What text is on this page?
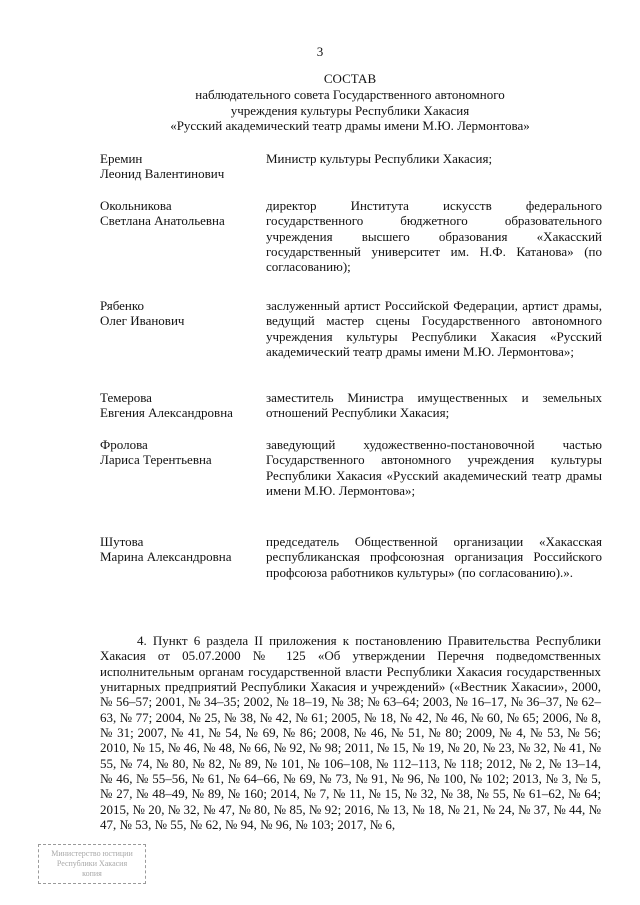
3
СОСТАВ
наблюдательного совета Государственного автономного
учреждения культуры Республики Хакасия
«Русский академический театр драмы имени М.Ю. Лермонтова»
Еремин
Леонид Валентинович
Министр культуры Республики Хакасия;
Окольникова
Светлана Анатольевна
директор Института искусств федерального государственного бюджетного образовательного учреждения высшего образования «Хакасский государственный университет им. Н.Ф. Катанова» (по согласованию);
Рябенко
Олег Иванович
заслуженный артист Российской Федерации, артист драмы, ведущий мастер сцены Государственного автономного учреждения культуры Республики Хакасия «Русский академический театр драмы имени М.Ю. Лермонтова»;
Темерова
Евгения Александровна
заместитель Министра имущественных и земельных отношений Республики Хакасия;
Фролова
Лариса Терентьевна
заведующий художественно-постановочной частью Государственного автономного учреждения культуры Республики Хакасия «Русский академический театр драмы имени М.Ю. Лермонтова»;
Шутова
Марина Александровна
председатель Общественной организации «Хакасская республиканская профсоюзная организация Российского профсоюза работников культуры» (по согласованию).».
4. Пункт 6 раздела II приложения к постановлению Правительства Республики Хакасия от 05.07.2000 № 125 «Об утверждении Перечня подведомственных исполнительным органам государственной власти Республики Хакасия государственных унитарных предприятий Республики Хакасия и учреждений» («Вестник Хакасии», 2000, № 56–57; 2001, № 34–35; 2002, № 18–19, № 38; № 63–64; 2003, № 16–17, № 36–37, № 62–63, № 77; 2004, № 25, № 38, № 42, № 61; 2005, № 18, № 42, № 46, № 60, № 65; 2006, № 8, № 31; 2007, № 41, № 54, № 69, № 86; 2008, № 46, № 51, № 80; 2009, № 4, № 53, № 56; 2010, № 15, № 46, № 48, № 66, № 92, № 98; 2011, № 15, № 19, № 20, № 23, № 32, № 41, № 55, № 74, № 80, № 82, № 89, № 101, № 106–108, № 112–113, № 118; 2012, № 2, № 13–14, № 46, № 55–56, № 61, № 64–66, № 69, № 73, № 91, № 96, № 100, № 102; 2013, № 3, № 5, № 27, № 48–49, № 89, № 160; 2014, № 7, № 11, № 15, № 32, № 38, № 55, № 61–62, № 64; 2015, № 20, № 32, № 47, № 80, № 85, № 92; 2016, № 13, № 18, № 21, № 24, № 37, № 44, № 47, № 53, № 55, № 62, № 94, № 96, № 103; 2017, № 6,
Министерство юстиции
Республики Хакасия
копия
